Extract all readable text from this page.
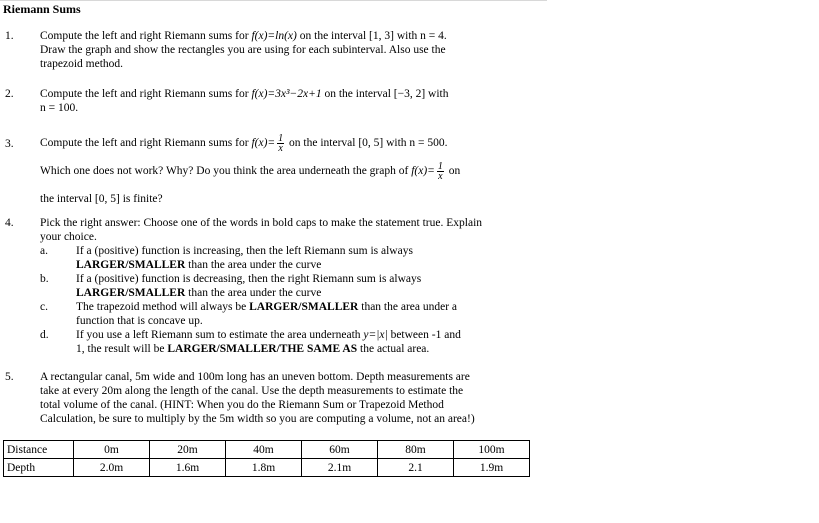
Riemann Sums
1. Compute the left and right Riemann sums for f(x)=ln(x) on the interval [1, 3] with n = 4.
Draw the graph and show the rectangles you are using for each subinterval. Also use the
trapezoid method.
2. Compute the left and right Riemann sums for f(x)=3x³−2x+1 on the interval [−3, 2] with
n = 100.
3. Compute the left and right Riemann sums for $f(x)= \frac{1}{x}$ on the interval [0, 5] with n = 500.
Which one does not work? Why? Do you think the area underneath the graph of $f(x)= \frac{1}{x}$ on
the interval [0, 5] is finite?
4. Pick the right answer: Choose one of the words in bold caps to make the statement true. Explain
your choice.
a. If a (positive) function is increasing, then the left Riemann sum is always
LARGER/SMALLER than the area under the curve
b. If a (positive) function is decreasing, then the right Riemann sum is always
LARGER/SMALLER than the area under the curve
c. The trapezoid method will always be LARGER/SMALLER than the area under a
function that is concave up.
d. If you use a left Riemann sum to estimate the area underneath y=|x| between -1 and
1, the result will be LARGER/SMALLER/THE SAME AS the actual area.
5. A rectangular canal, 5m wide and 100m long has an uneven bottom. Depth measurements are
take at every 20m along the length of the canal. Use the depth measurements to estimate the
total volume of the canal. (HINT: When you do the Riemann Sum or Trapezoid Method
Calculation, be sure to multiply by the 5m width so you are computing a volume, not an area!)
Distance	0m	20m	40m	60m	80m	100m
Depth	2.0m	1.6m	1.8m	2.1m	2.1	1.9m
